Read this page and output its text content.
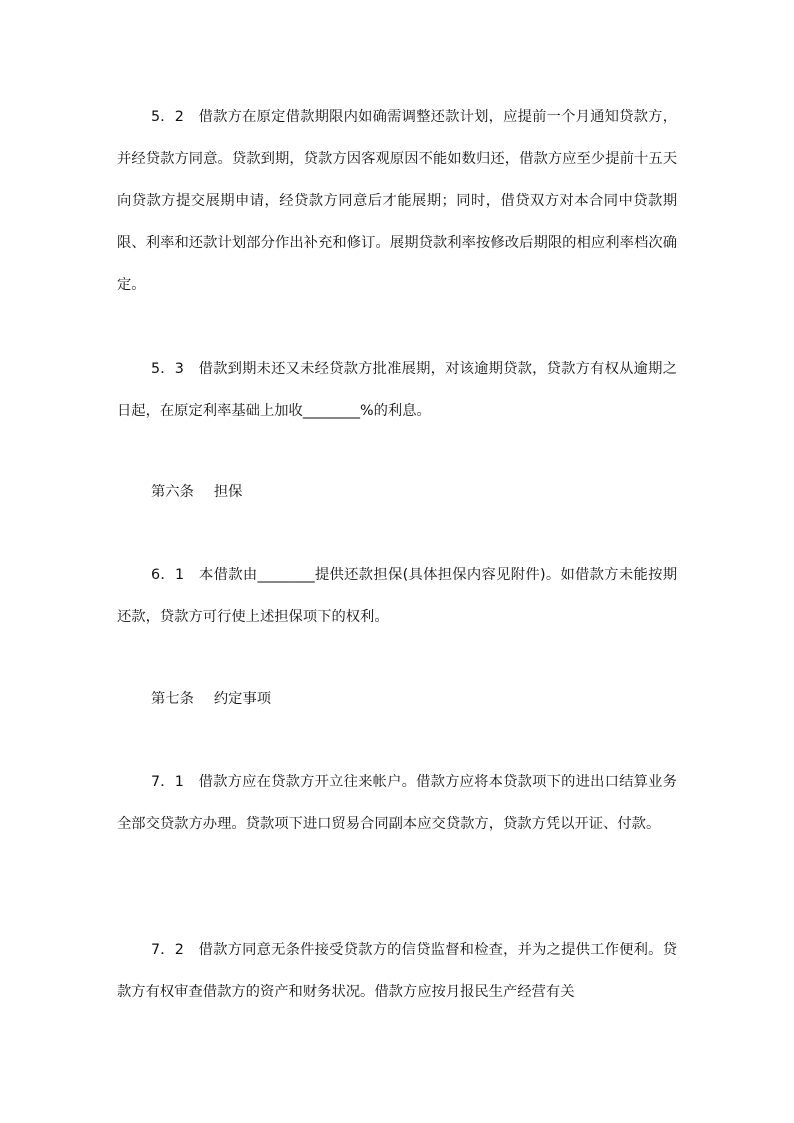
5．2　借款方在原定借款期限内如确需调整还款计划，应提前一个月通知贷款方，并经贷款方同意。贷款到期，贷款方因客观原因不能如数归还，借款方应至少提前十五天向贷款方提交展期申请，经贷款方同意后才能展期；同时，借贷双方对本合同中贷款期限、利率和还款计划部分作出补充和修订。展期贷款利率按修改后期限的相应利率档次确定。

5．3　借款到期未还又未经贷款方批准展期，对该逾期贷款，贷款方有权从逾期之日起，在原定利率基础上加收________%的利息。

第六条 担保

6．1　本借款由________提供还款担保(具体担保内容见附件)。如借款方未能按期还款，贷款方可行使上述担保项下的权利。

第七条 约定事项

7．1　借款方应在贷款方开立往来帐户。借款方应将本贷款项下的进出口结算业务全部交贷款方办理。贷款项下进口贸易合同副本应交贷款方，贷款方凭以开证、付款。

7．2　借款方同意无条件接受贷款方的信贷监督和检查，并为之提供工作便利。贷款方有权审查借款方的资产和财务状况。借款方应按月报民生产经营有关
